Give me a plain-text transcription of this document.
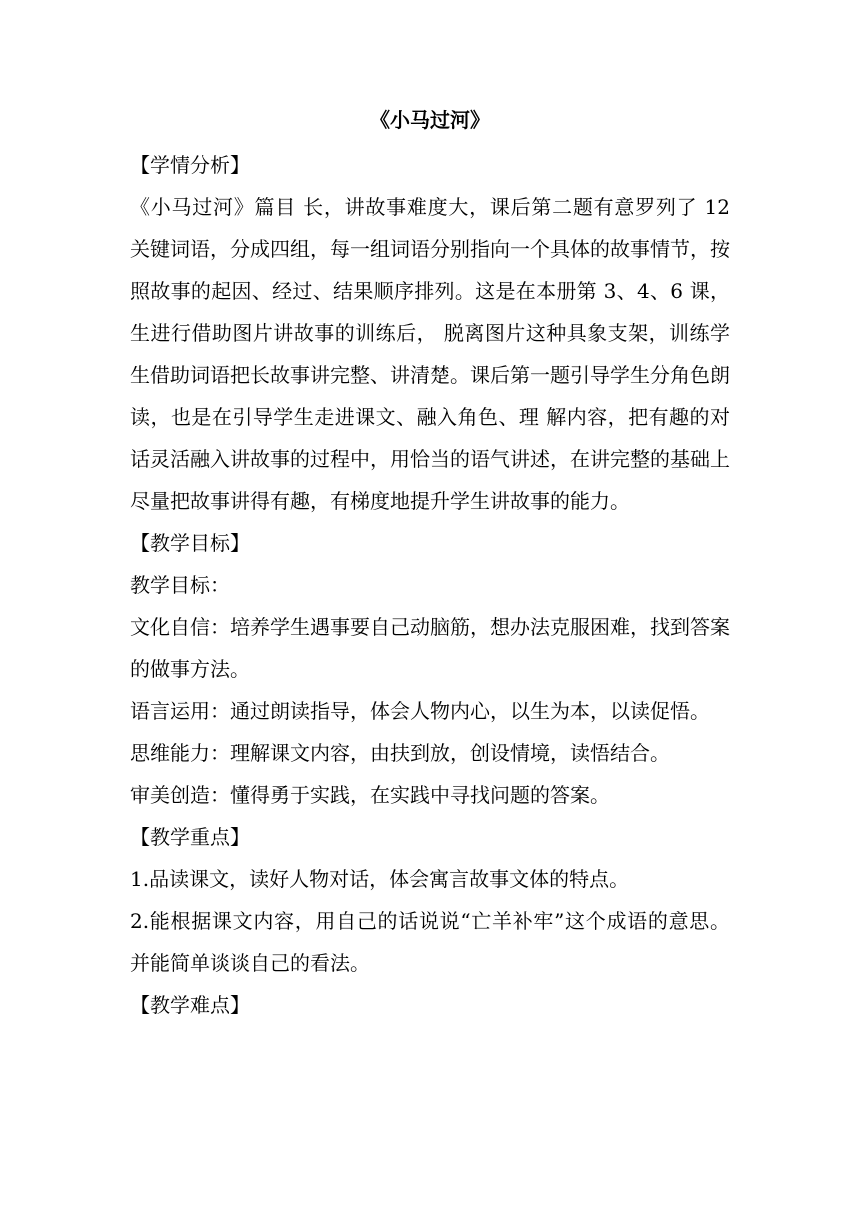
《小马过河》
【学情分析】
《小马过河》篇目 长，讲故事难度大，课后第二题有意罗列了 12
关键词语，分成四组，每一组词语分别指向一个具体的故事情节，按
照故事的起因、经过、结果顺序排列。这是在本册第 3、4、6 课，
生进行借助图片讲故事的训练后， 脱离图片这种具象支架，训练学
生借助词语把长故事讲完整、讲清楚。课后第一题引导学生分角色朗
读，也是在引导学生走进课文、融入角色、理 解内容，把有趣的对
话灵活融入讲故事的过程中，用恰当的语气讲述，在讲完整的基础上
尽量把故事讲得有趣，有梯度地提升学生讲故事的能力。
【教学目标】
教学目标：
文化自信：培养学生遇事要自己动脑筋，想办法克服困难，找到答案
的做事方法。
语言运用：通过朗读指导，体会人物内心，以生为本，以读促悟。
思维能力：理解课文内容，由扶到放，创设情境，读悟结合。
审美创造：懂得勇于实践，在实践中寻找问题的答案。
【教学重点】
1.品读课文，读好人物对话，体会寓言故事文体的特点。
2.能根据课文内容，用自己的话说说“亡羊补牢”这个成语的意思。
并能简单谈谈自己的看法。
【教学难点】
